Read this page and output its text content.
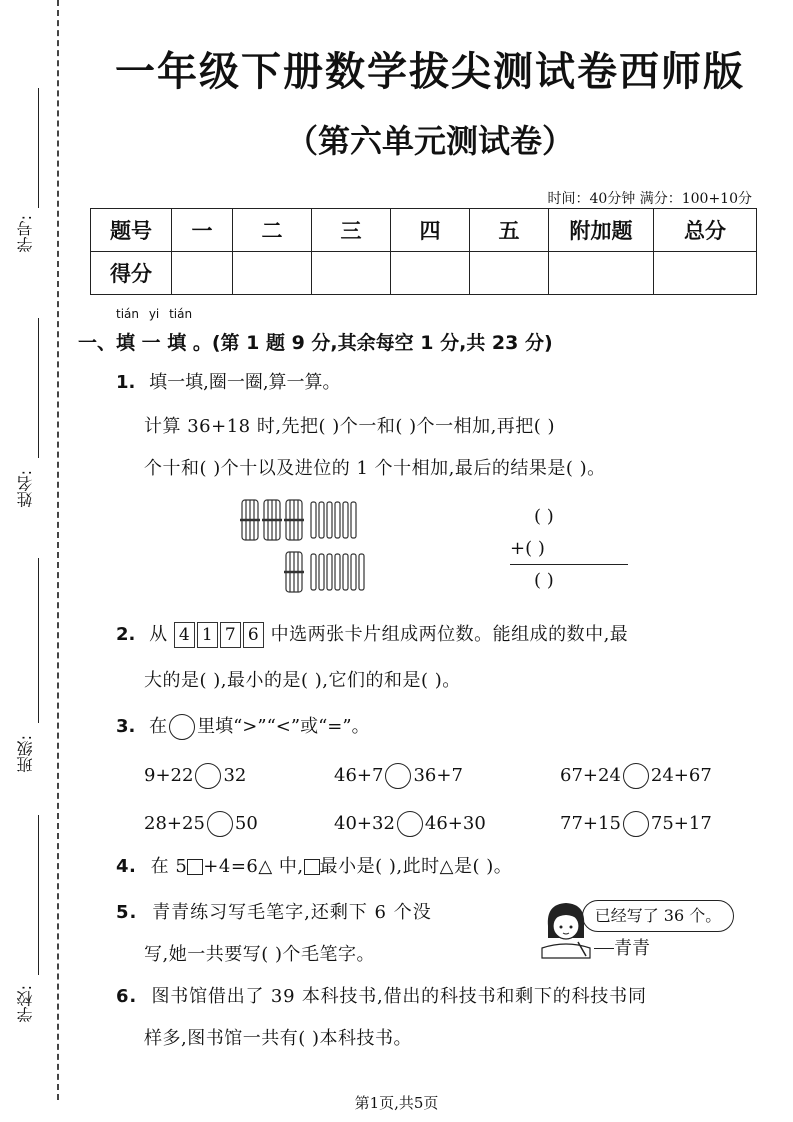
学号:
姓名:
班级:
学校:
一年级下册数学拔尖测试卷西师版
（第六单元测试卷）
时间：40分钟 满分：100+10分
题号	一	二	三	四	五	附加题	总分
得分							
tián yi tián
一、填 一 填 。(第 1 题 9 分,其余每空 1 分,共 23 分)
1. 填一填,圈一圈,算一算。
计算 36+18 时,先把( )个一和( )个一相加,再把( )
个十和( )个十以及进位的 1 个十相加,最后的结果是( )。
( )
+( )
( )
2. 从 4 1 7 6 中选两张卡片组成两位数。能组成的数中,最
大的是( ),最小的是( ),它们的和是( )。
3. 在 里填“>”“<”或“=”。
9+22 32	46+7 36+7	67+24 24+67
28+25 50	40+32 46+30	77+15 75+17
4. 在 5 +4=6△ 中, 最小是( ),此时△是( )。
5. 青青练习写毛笔字,还剩下 6 个没
写,她一共要写( )个毛笔字。
已经写了 36 个。
青青
6. 图书馆借出了 39 本科技书,借出的科技书和剩下的科技书同
样多,图书馆一共有( )本科技书。
第1页,共5页
